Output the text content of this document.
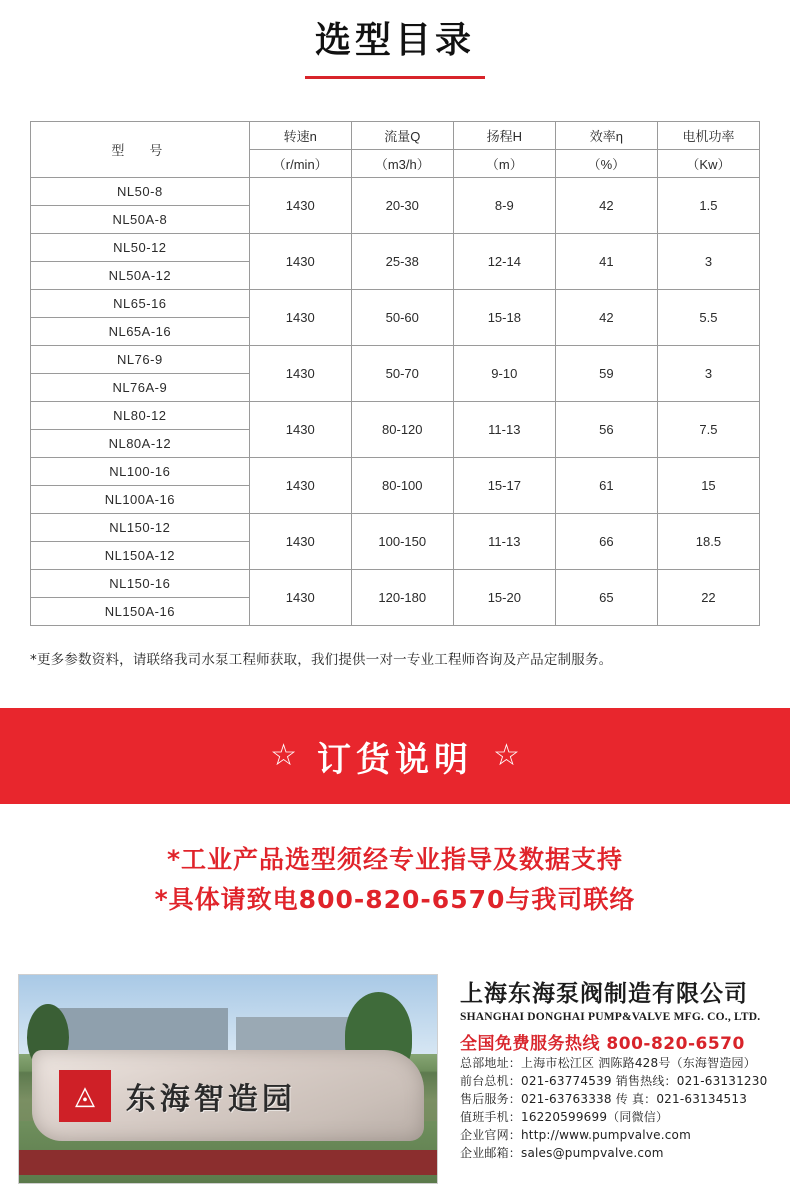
选型目录
型　号	转速n	流量Q	扬程H	效率η	电机功率
	（r/min）	（m3/h）	（m）	（%）	（Kw）
NL50-8	1430	20-30	8-9	42	1.5
NL50A-8					
NL50-12	1430	25-38	12-14	41	3
NL50A-12					
NL65-16	1430	50-60	15-18	42	5.5
NL65A-16					
NL76-9	1430	50-70	9-10	59	3
NL76A-9					
NL80-12	1430	80-120	11-13	56	7.5
NL80A-12					
NL100-16	1430	80-100	15-17	61	15
NL100A-16					
NL150-12	1430	100-150	11-13	66	18.5
NL150A-12					
NL150-16	1430	120-180	15-20	65	22
NL150A-16					
*更多参数资料，请联络我司水泵工程师获取，我们提供一对一专业工程师咨询及产品定制服务。
☆ 订货说明 ☆
*工业产品选型须经专业指导及数据支持
*具体请致电800-820-6570与我司联络
◬	东海智造园
上海东海泵阀制造有限公司
SHANGHAI DONGHAI PUMP&VALVE MFG. CO., LTD.
全国免费服务热线 800-820-6570
总部地址：上海市松江区 泗陈路428号（东海智造园）
前台总机：021-63774539 销售热线：021-63131230
售后服务：021-63763338 传 真：021-63134513
值班手机：16220599699（同微信）
企业官网：http://www.pumpvalve.com
企业邮箱：sales@pumpvalve.com
